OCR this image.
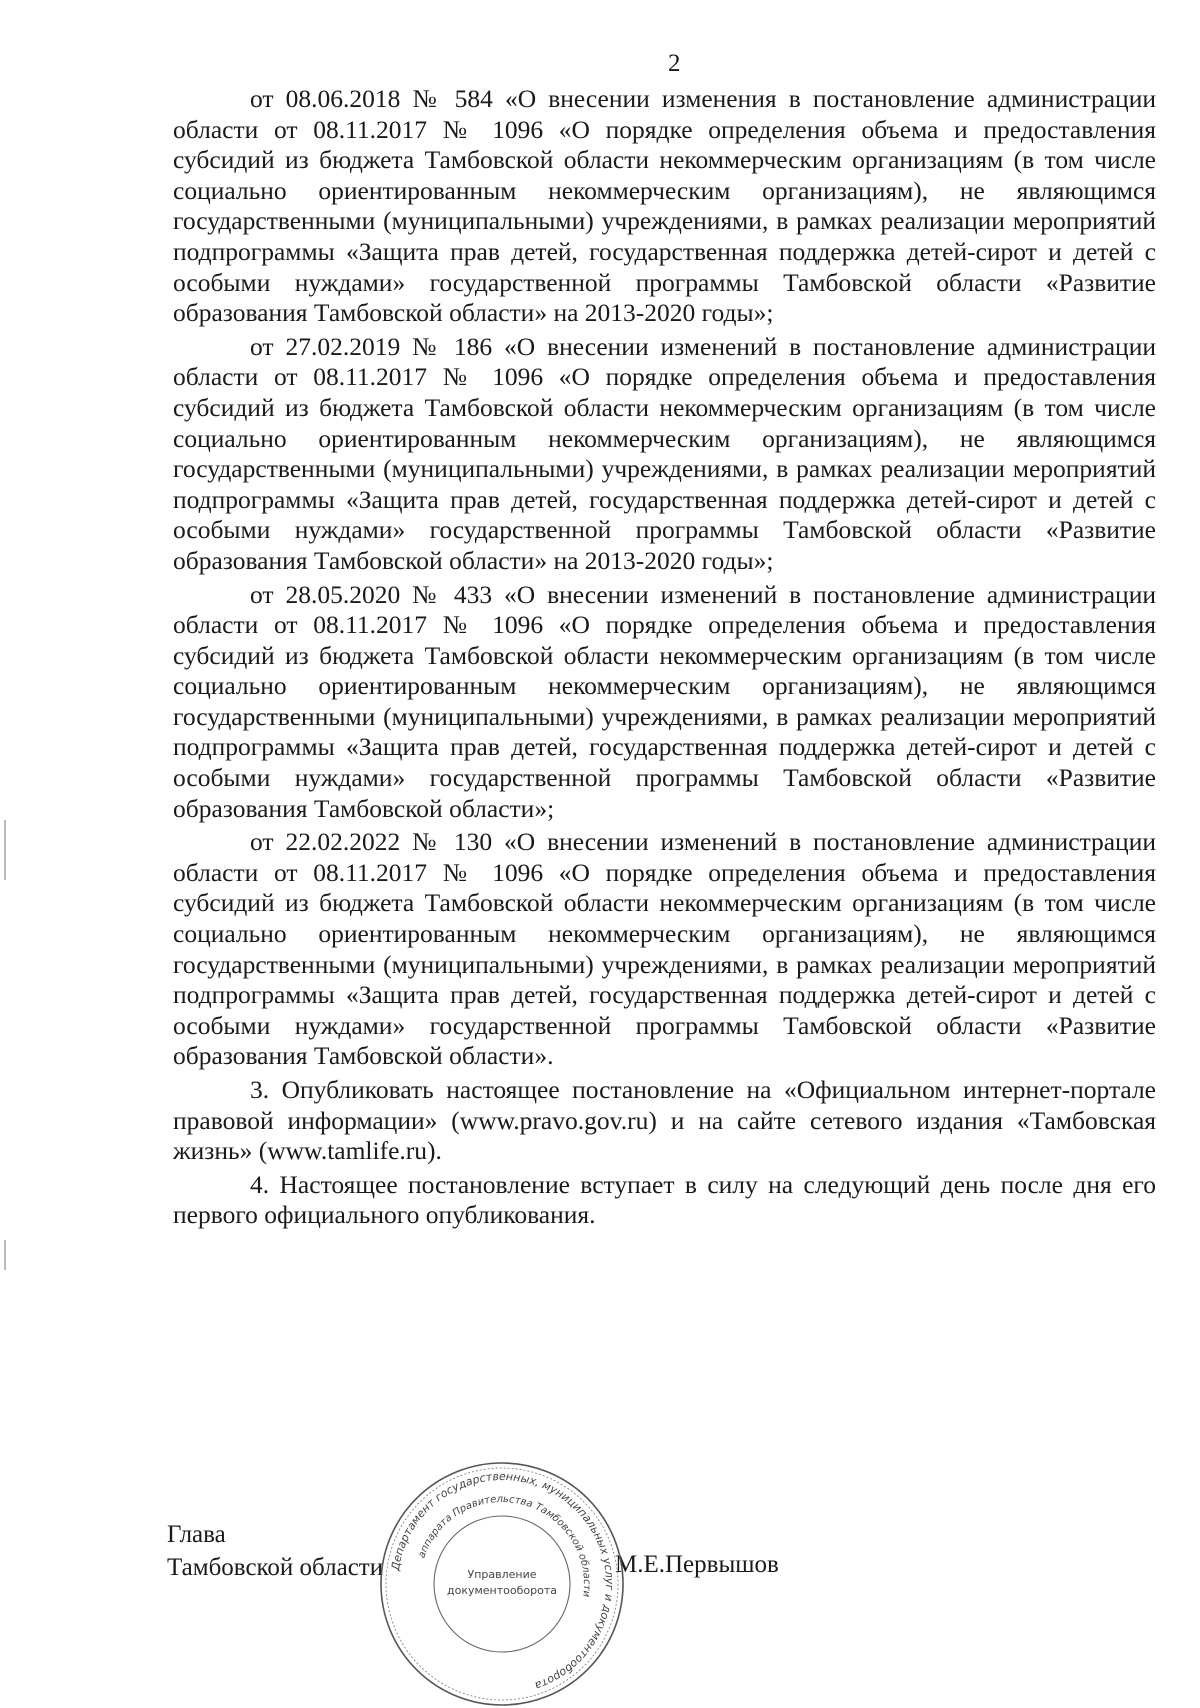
2

от 08.06.2018 № 584 «О внесении изменения в постановление администрации области от 08.11.2017 № 1096 «О порядке определения объема и предоставления субсидий из бюджета Тамбовской области некоммерческим организациям (в том числе социально ориентированным некоммерческим организациям), не являющимся государственными (муниципальными) учреждениями, в рамках реализации мероприятий подпрограммы «Защита прав детей, государственная поддержка детей-сирот и детей с особыми нуждами» государственной программы Тамбовской области «Развитие образования Тамбовской области» на 2013-2020 годы»;

от 27.02.2019 № 186 «О внесении изменений в постановление администрации области от 08.11.2017 № 1096 «О порядке определения объема и предоставления субсидий из бюджета Тамбовской области некоммерческим организациям (в том числе социально ориентированным некоммерческим организациям), не являющимся государственными (муниципальными) учреждениями, в рамках реализации мероприятий подпрограммы «Защита прав детей, государственная поддержка детей-сирот и детей с особыми нуждами» государственной программы Тамбовской области «Развитие образования Тамбовской области» на 2013-2020 годы»;

от 28.05.2020 № 433 «О внесении изменений в постановление администрации области от 08.11.2017 № 1096 «О порядке определения объема и предоставления субсидий из бюджета Тамбовской области некоммерческим организациям (в том числе социально ориентированным некоммерческим организациям), не являющимся государственными (муниципальными) учреждениями, в рамках реализации мероприятий подпрограммы «Защита прав детей, государственная поддержка детей-сирот и детей с особыми нуждами» государственной программы Тамбовской области «Развитие образования Тамбовской области»;

от 22.02.2022 № 130 «О внесении изменений в постановление администрации области от 08.11.2017 № 1096 «О порядке определения объема и предоставления субсидий из бюджета Тамбовской области некоммерческим организациям (в том числе социально ориентированным некоммерческим организациям), не являющимся государственными (муниципальными) учреждениями, в рамках реализации мероприятий подпрограммы «Защита прав детей, государственная поддержка детей-сирот и детей с особыми нуждами» государственной программы Тамбовской области «Развитие образования Тамбовской области».

3. Опубликовать настоящее постановление на «Официальном интернет-портале правовой информации» (www.pravo.gov.ru) и на сайте сетевого издания «Тамбовская жизнь» (www.tamlife.ru).

4. Настоящее постановление вступает в силу на следующий день после дня его первого официального опубликования.

Глава
Тамбовской области	М.Е.Первышов
Департамент государственных, муниципальных услуг и документооборота
аппарата Правительства Тамбовской области
Управление
документооборота
